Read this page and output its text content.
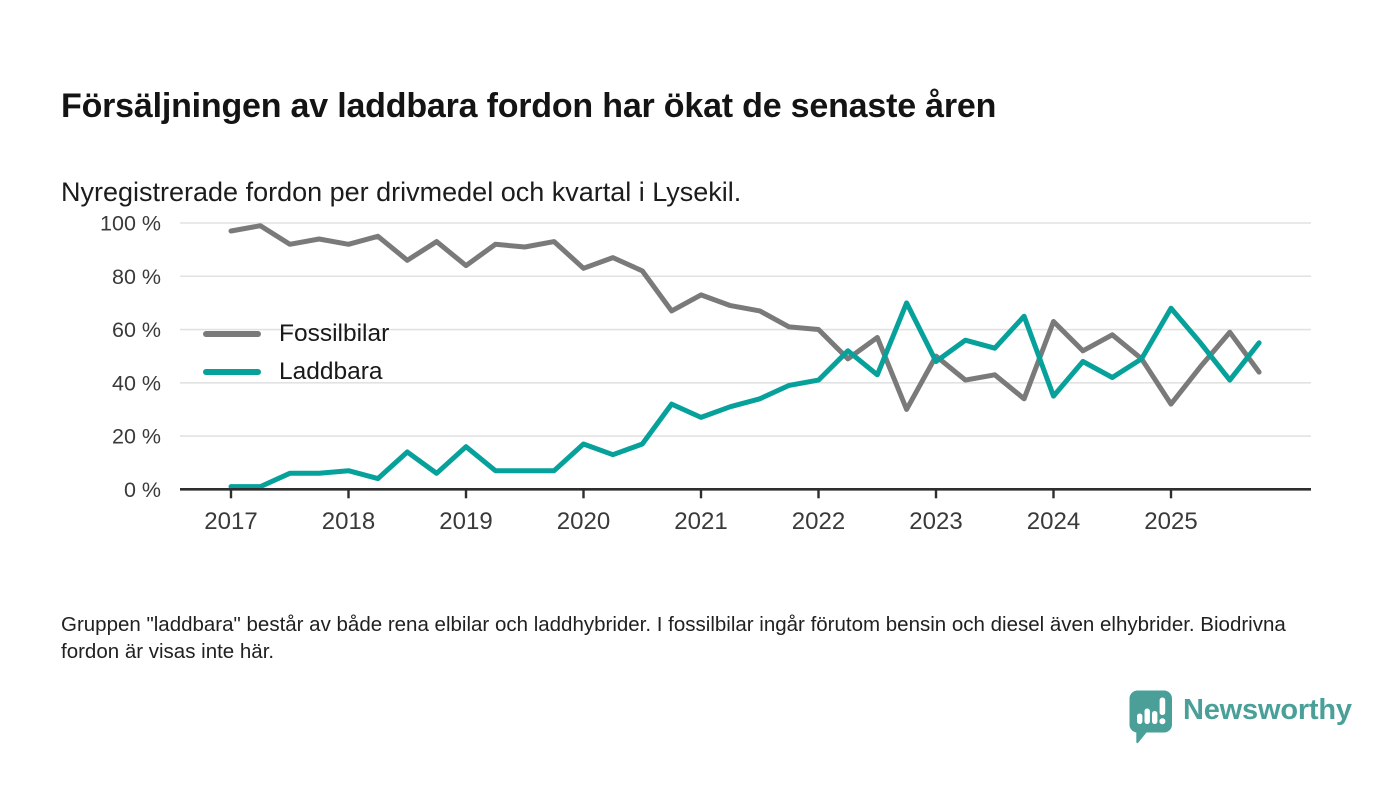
Försäljningen av laddbara fordon har ökat de senaste åren

Nyregistrerade fordon per drivmedel och kvartal i Lysekil.

2017	2018	2019	2020	2021	2022	2023	2024	2025
0 %
20 %
40 %
60 %
80 %
100 %
Fossilbilar
Laddbara

Gruppen "laddbara" består av både rena elbilar och laddhybrider. I fossilbilar ingår förutom bensin och diesel även elhybrider. Biodrivna fordon är visas inte här.

Newsworthy
